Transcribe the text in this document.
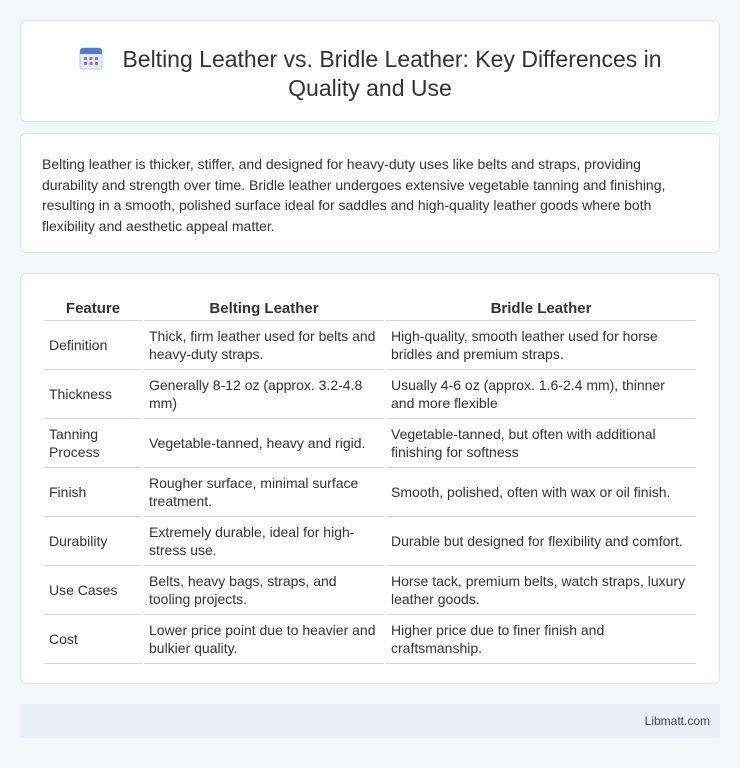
Belting Leather vs. Bridle Leather: Key Differences in Quality and Use

Belting leather is thicker, stiffer, and designed for heavy-duty uses like belts and straps, providing durability and strength over time. Bridle leather undergoes extensive vegetable tanning and finishing, resulting in a smooth, polished surface ideal for saddles and high-quality leather goods where both flexibility and aesthetic appeal matter.

Feature	Belting Leather	Bridle Leather
Definition	Thick, firm leather used for belts and heavy-duty straps.	High-quality, smooth leather used for horse bridles and premium straps.
Thickness	Generally 8-12 oz (approx. 3.2-4.8 mm)	Usually 4-6 oz (approx. 1.6-2.4 mm), thinner and more flexible
Tanning Process	Vegetable-tanned, heavy and rigid.	Vegetable-tanned, but often with additional finishing for softness
Finish	Rougher surface, minimal surface treatment.	Smooth, polished, often with wax or oil finish.
Durability	Extremely durable, ideal for high-stress use.	Durable but designed for flexibility and comfort.
Use Cases	Belts, heavy bags, straps, and tooling projects.	Horse tack, premium belts, watch straps, luxury leather goods.
Cost	Lower price point due to heavier and bulkier quality.	Higher price due to finer finish and craftsmanship.
Libmatt.com
